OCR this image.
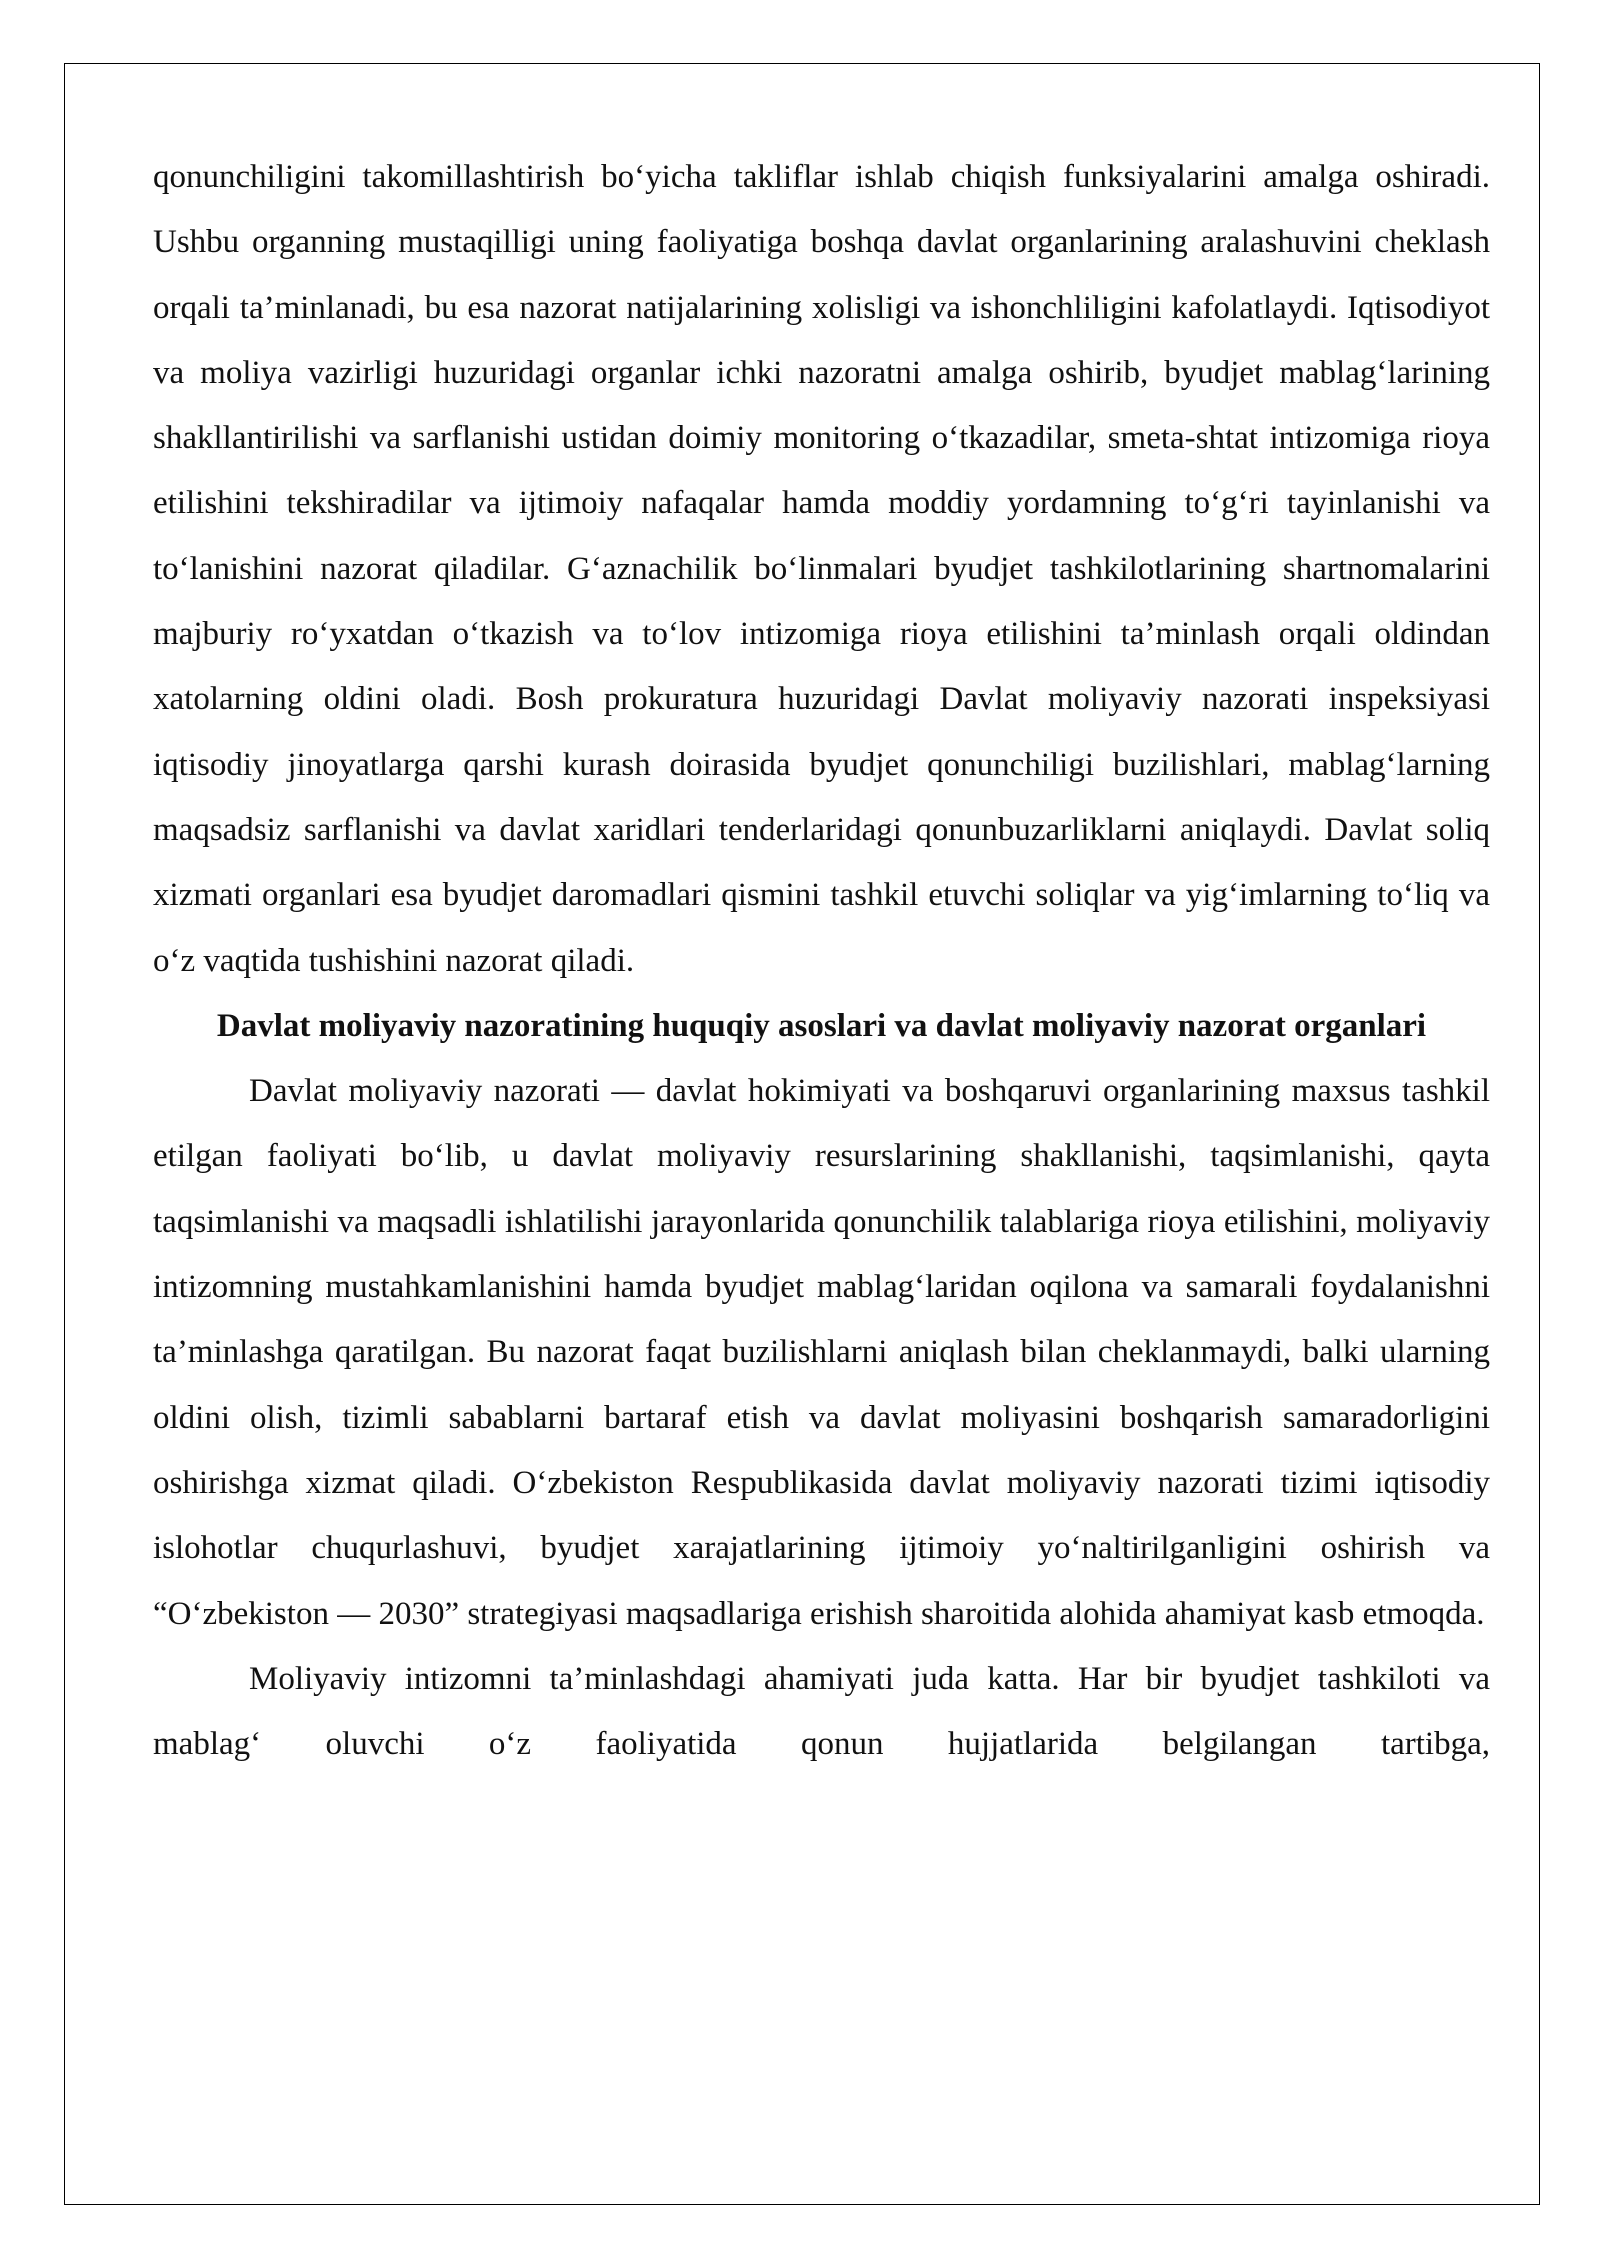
qonunchiligini takomillashtirish bo‘yicha takliflar ishlab chiqish funksiyalarini amalga oshiradi. Ushbu organning mustaqilligi uning faoliyatiga boshqa davlat organlarining aralashuvini cheklash orqali ta’minlanadi, bu esa nazorat natijalarining xolisligi va ishonchliligini kafolatlaydi. Iqtisodiyot va moliya vazirligi huzuridagi organlar ichki nazoratni amalga oshirib, byudjet mablag‘larining shakllantirilishi va sarflanishi ustidan doimiy monitoring o‘tkazadilar, smeta-shtat intizomiga rioya etilishini tekshiradilar va ijtimoiy nafaqalar hamda moddiy yordamning to‘g‘ri tayinlanishi va to‘lanishini nazorat qiladilar. G‘aznachilik bo‘linmalari byudjet tashkilotlarining shartnomalarini majburiy ro‘yxatdan o‘tkazish va to‘lov intizomiga rioya etilishini ta’minlash orqali oldindan xatolarning oldini oladi. Bosh prokuratura huzuridagi Davlat moliyaviy nazorati inspeksiyasi iqtisodiy jinoyatlarga qarshi kurash doirasida byudjet qonunchiligi buzilishlari, mablag‘larning maqsadsiz sarflanishi va davlat xaridlari tenderlaridagi qonunbuzarliklarni aniqlaydi. Davlat soliq xizmati organlari esa byudjet daromadlari qismini tashkil etuvchi soliqlar va yig‘imlarning to‘liq va o‘z vaqtida tushishini nazorat qiladi.

Davlat moliyaviy nazoratining huquqiy asoslari va davlat moliyaviy nazorat organlari

Davlat moliyaviy nazorati — davlat hokimiyati va boshqaruvi organlarining maxsus tashkil etilgan faoliyati bo‘lib, u davlat moliyaviy resurslarining shakllanishi, taqsimlanishi, qayta taqsimlanishi va maqsadli ishlatilishi jarayonlarida qonunchilik talablariga rioya etilishini, moliyaviy intizomning mustahkamlanishini hamda byudjet mablag‘laridan oqilona va samarali foydalanishni ta’minlashga qaratilgan. Bu nazorat faqat buzilishlarni aniqlash bilan cheklanmaydi, balki ularning oldini olish, tizimli sabablarni bartaraf etish va davlat moliyasini boshqarish samaradorligini oshirishga xizmat qiladi. O‘zbekiston Respublikasida davlat moliyaviy nazorati tizimi iqtisodiy islohotlar chuqurlashuvi, byudjet xarajatlarining ijtimoiy yo‘naltirilganligini oshirish va “O‘zbekiston — 2030” strategiyasi maqsadlariga erishish sharoitida alohida ahamiyat kasb etmoqda.

Moliyaviy intizomni ta’minlashdagi ahamiyati juda katta. Har bir byudjet tashkiloti va mablag‘ oluvchi o‘z faoliyatida qonun hujjatlarida belgilangan tartibga,
